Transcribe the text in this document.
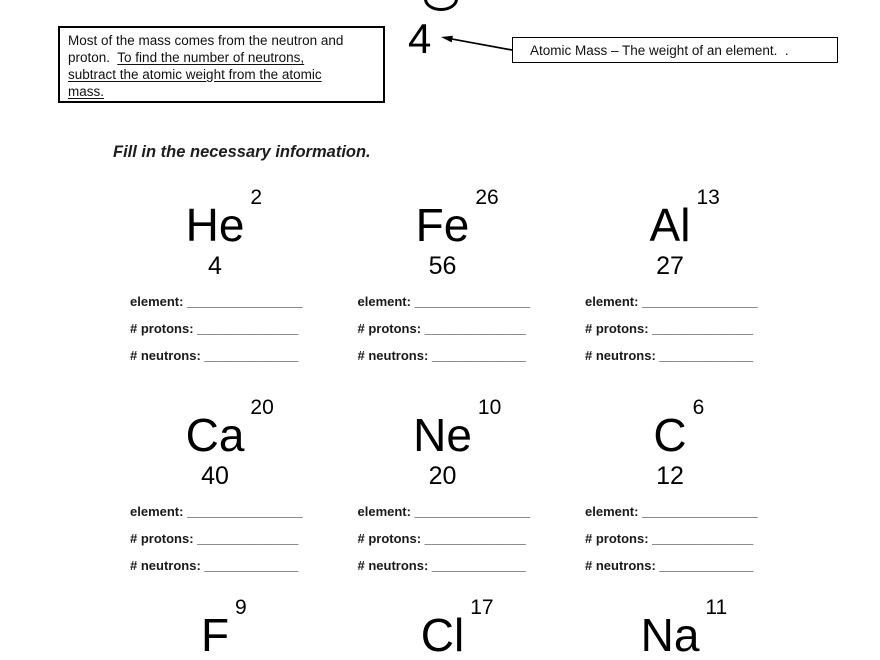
Most of the mass comes from the neutron and
proton.  To find the number of neutrons,
subtract the atomic weight from the atomic
mass.
4	Atomic Mass – The weight of an element.  .
Fill in the necessary information.
He
2
4
element: ________________
# protons: ______________
# neutrons: _____________
Fe
26
56
element: ________________
# protons: ______________
# neutrons: _____________
Al
13
27
element: ________________
# protons: ______________
# neutrons: _____________
Ca
20
40
element: ________________
# protons: ______________
# neutrons: _____________
Ne
10
20
element: ________________
# protons: ______________
# neutrons: _____________
C
6
12
element: ________________
# protons: ______________
# neutrons: _____________
F
9
Cl
17
Na
11
